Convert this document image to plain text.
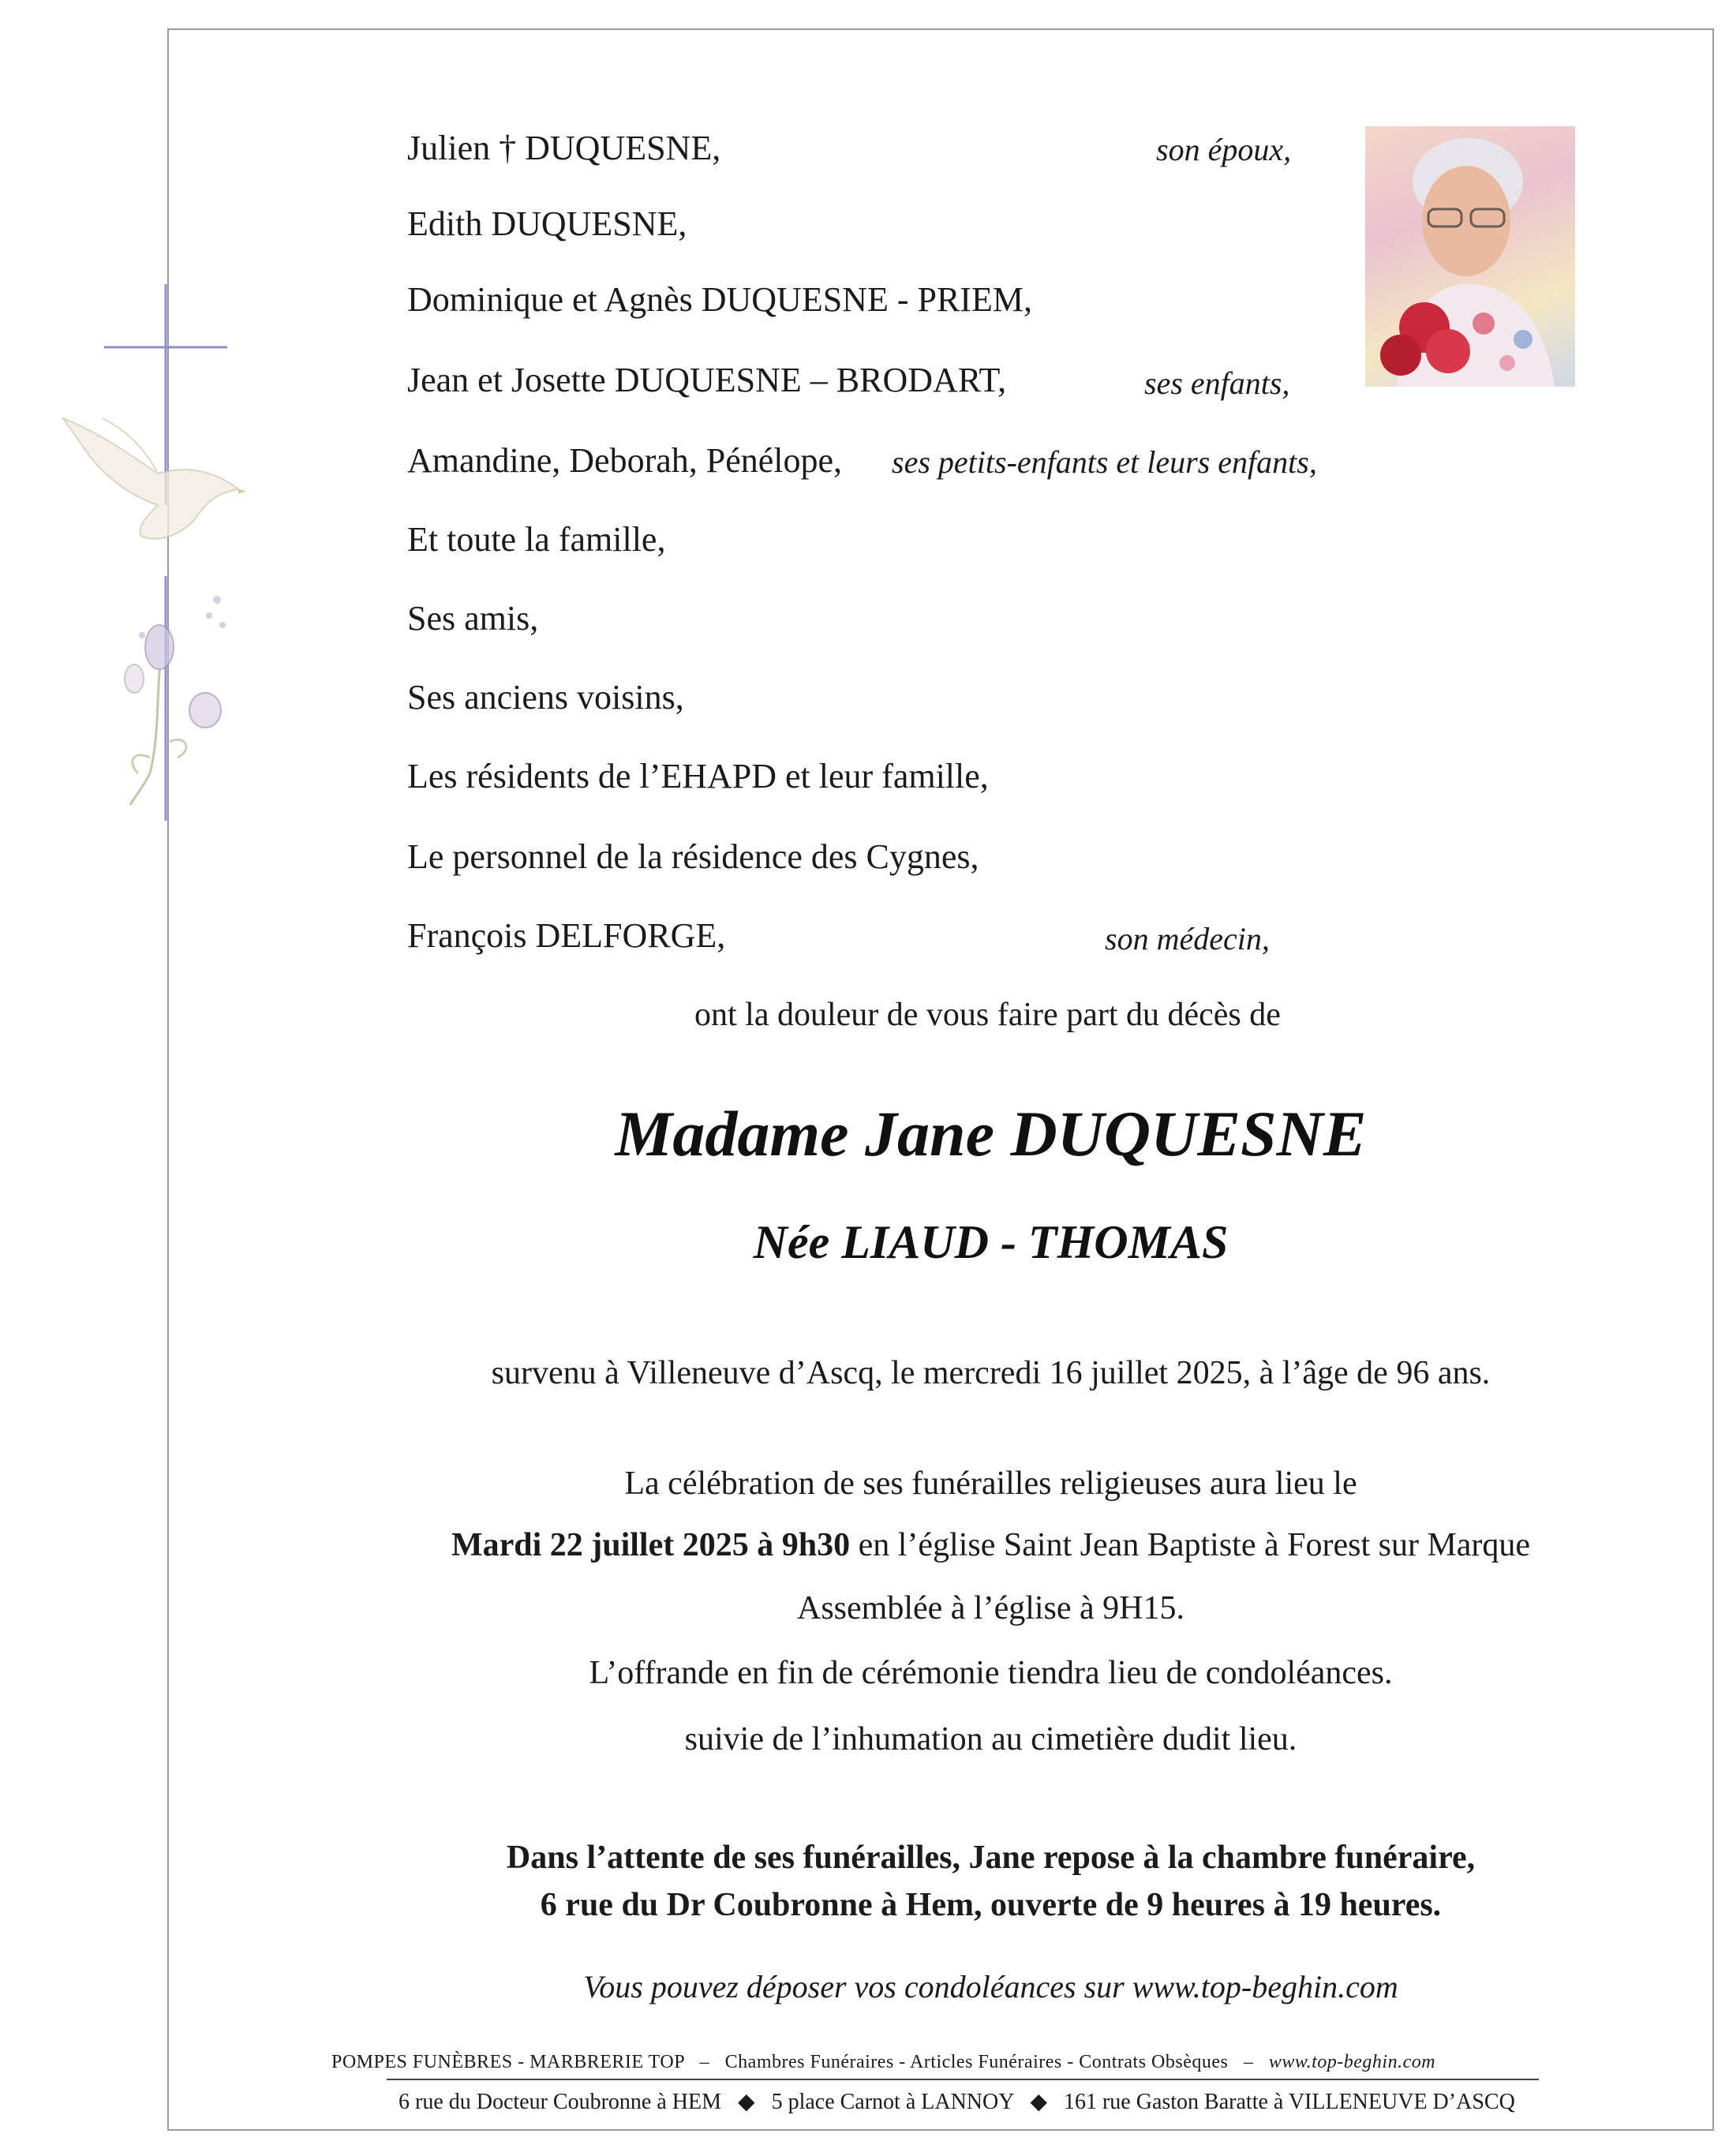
Julien † DUQUESNE,	son époux,
Edith DUQUESNE,
Dominique et Agnès DUQUESNE - PRIEM,
Jean et Josette DUQUESNE – BRODART,	ses enfants,
Amandine, Deborah, Pénélope, ses petits-enfants et leurs enfants,
Et toute la famille,
Ses amis,
Ses anciens voisins,
Les résidents de l’EHAPD et leur famille,
Le personnel de la résidence des Cygnes,
François DELFORGE,	son médecin,
ont la douleur de vous faire part du décès de
Madame Jane DUQUESNE
Née LIAUD - THOMAS
survenu à Villeneuve d’Ascq, le mercredi 16 juillet 2025, à l’âge de 96 ans.
La célébration de ses funérailles religieuses aura lieu le
Mardi 22 juillet 2025 à 9h30 en l’église Saint Jean Baptiste à Forest sur Marque
Assemblée à l’église à 9H15.
L’offrande en fin de cérémonie tiendra lieu de condoléances.
suivie de l’inhumation au cimetière dudit lieu.
Dans l’attente de ses funérailles, Jane repose à la chambre funéraire,
6 rue du Dr Coubronne à Hem, ouverte de 9 heures à 19 heures.
Vous pouvez déposer vos condoléances sur www.top-beghin.com
POMPES FUNÈBRES - MARBRERIE TOP   –   Chambres Funéraires - Articles Funéraires - Contrats Obsèques   –   www.top-beghin.com
6 rue du Docteur Coubronne à HEM   ◆   5 place Carnot à LANNOY   ◆   161 rue Gaston Baratte à VILLENEUVE D’ASCQ
